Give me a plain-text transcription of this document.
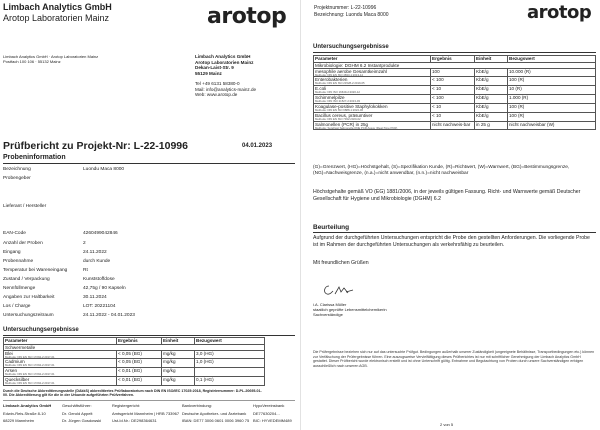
Limbach Analytics GmbH
Arotop Laboratorien Mainz	arotop
Limbach Analytics GmbH · Arotop Laboratorien Mainz
Postfach 100 106 · 55132 Mainz
Limbach Analytics GmbH
Arotop Laboratorien Mainz
Dekan-Laist-Str. 9
55129 Mainz
Tel +49 6131 58380-0
Mail: info@analytics-mainz.de
Web: www.arotop.de
Prüfbericht zu Projekt-Nr: L-22-10996	04.01.2023
Probeninformation
Bezeichnung	Luondu Maca 8000
Probengeber
Lieferant / Hersteller
EAN-Code	4260499042846
Anzahl der Proben	2
Eingang	24.11.2022
Probennahme	durch Kunde
Temperatur bei Wareneingang	Rt
Zustand / Verpackung	Kunststoffdose
Nennfüllmenge	42,75g / 90 Kapseln
Angaben zur Haltbarkeit	30.11.2024
Los / Charge	LOT: 20221104
Untersuchungszeitraum	24.11.2022 - 04.01.2023
Untersuchungsergebnisse
Parameter	Ergebnis	Einheit	Bezugswert
Schwermetalle			
Blei
Methode: DIN EN ISO 17294-2:2017-01	< 0,05 (BG)	mg/kg	3,0 (HG)
Cadmium
Methode: DIN EN ISO 17294-2:2017-01	< 0,05 (BG)	mg/kg	1,0 (HG)
Arsen
Methode: DIN EN ISO 17294-2:2017-01	< 0,01 (BG)	mg/kg	
Quecksilber
Methode: DIN EN ISO 17294-2:2017-01	< 0,01 (BG)	mg/kg	0,1 (HG)
Durch die Deutsche Akkreditierungsstelle (DAkkS) akkreditiertes Prüflaboratorium nach DIN EN ISO/IEC 17025:2018, Registriernummer: D-PL-20695-01-00. Die Akkreditierung gilt für die in der Urkunde aufgeführten Prüfverfahren.
Limbach Analytics GmbH
Edwin-Reis-Straße 8-10
68229 Mannheim
Geschäftsführer:
Dr. Gerold Appelt
Dr. Jürgen Gosdowski
Registergericht:
Amtsgericht Mannheim | HRB 733967
Ust-Id.Nr.: DE298364631
Bankverbindung:
Deutsche Apotheker- und Ärztebank
IBAN: DE77 3006 0601 0006 3960 75
HypoVereinsbank
DE77630204...
BIC: HYVEDEMM489
Projektnummer: L-22-10996
Bezeichnung: Luondu Maca 8000	arotop
Untersuchungsergebnisse
Parameter	Ergebnis	Einheit	Bezugswert
Mikrobiologie: DGHM 6.2 Instantprodukte			
mesophile aerobe Gesamtkeimzahl
Methode: DIN EN ISO 4833-1:2013-12	100	KbE/g	10.000 (R)
Enterobakterien
Methode: DIN EN ISO 21528-2:2019-05	< 100	KbE/g	100 (R)
E.coli
Methode: DIN ISO 16649-2:2020-12	< 10	KbE/g	10 (R)
Schimmelpilze
Methode: DIN ISO 21527-2:2013-03	< 100	KbE/g	1.000 (R)
Koagulase-positive Staphylokokken
Methode: DIN EN ISO 6888-1:2022-06	< 10	KbE/g	100 (R)
Bacillus cereus, präsumtiver
Methode: DIN EN ISO 7932:2020-02	< 10	KbE/g	100 (R)
Salmonellen (PCR) in 25g
Methode: SureFast Salmonella ONE PCR Assay (Real-Time PCR)	nicht nachweis-bar	in 25 g	nicht nachweisbar (W)
(G)=Grenzwert, (HG)=Höchstgehalt, (S)=Spezifikation Kunde, (R)=Richtwert, (W)=Warnwert, (BG)=Bestimmungsgrenze, (NG)=Nachweisgrenze, (n.a.)=nicht anwendbar, (n.n.)=nicht nachweisbar
Höchstgehalte gemäß VO (EG) 1881/2006, in der jeweils gültigen Fassung. Richt- und Warnwerte gemäß Deutscher Gesellschaft für Hygiene und Mikrobiologie (DGHM) 6.2
Beurteilung
Aufgrund der durchgeführten Untersuchungen entspricht die Probe den gestellten Anforderungen. Die vorliegende Probe ist im Rahmen der durchgeführten Untersuchungen als verkehrsfähig zu beurteilen.
Mit freundlichen Grüßen
i.A. Clarissa Müller
staatlich geprüfte Lebensmittelchemikerin
Sachverständige
Die Prüfergebnisse beziehen sich nur auf das untersuchte Prüfgut. Bedingungen außerhalb unserer Zuständigkeit (ungeeignete Behältnisse, Transportbedingungen etc.) können zur Verfälschung der Prüfergebnisse führen. Eine auszugsweise Vervielfältigung dieses Prüfberichtes ist nur mit schriftlicher Genehmigung der Limbach Analytics GmbH gestattet. Dieser Prüfbericht wurde elektronisch erstellt und ist ohne Unterschrift gültig. Entnahme und Begutachtung von Proben durch unsere Sachverständigen erfolgen ausschließlich nach unseren AGB.
2 von 5
